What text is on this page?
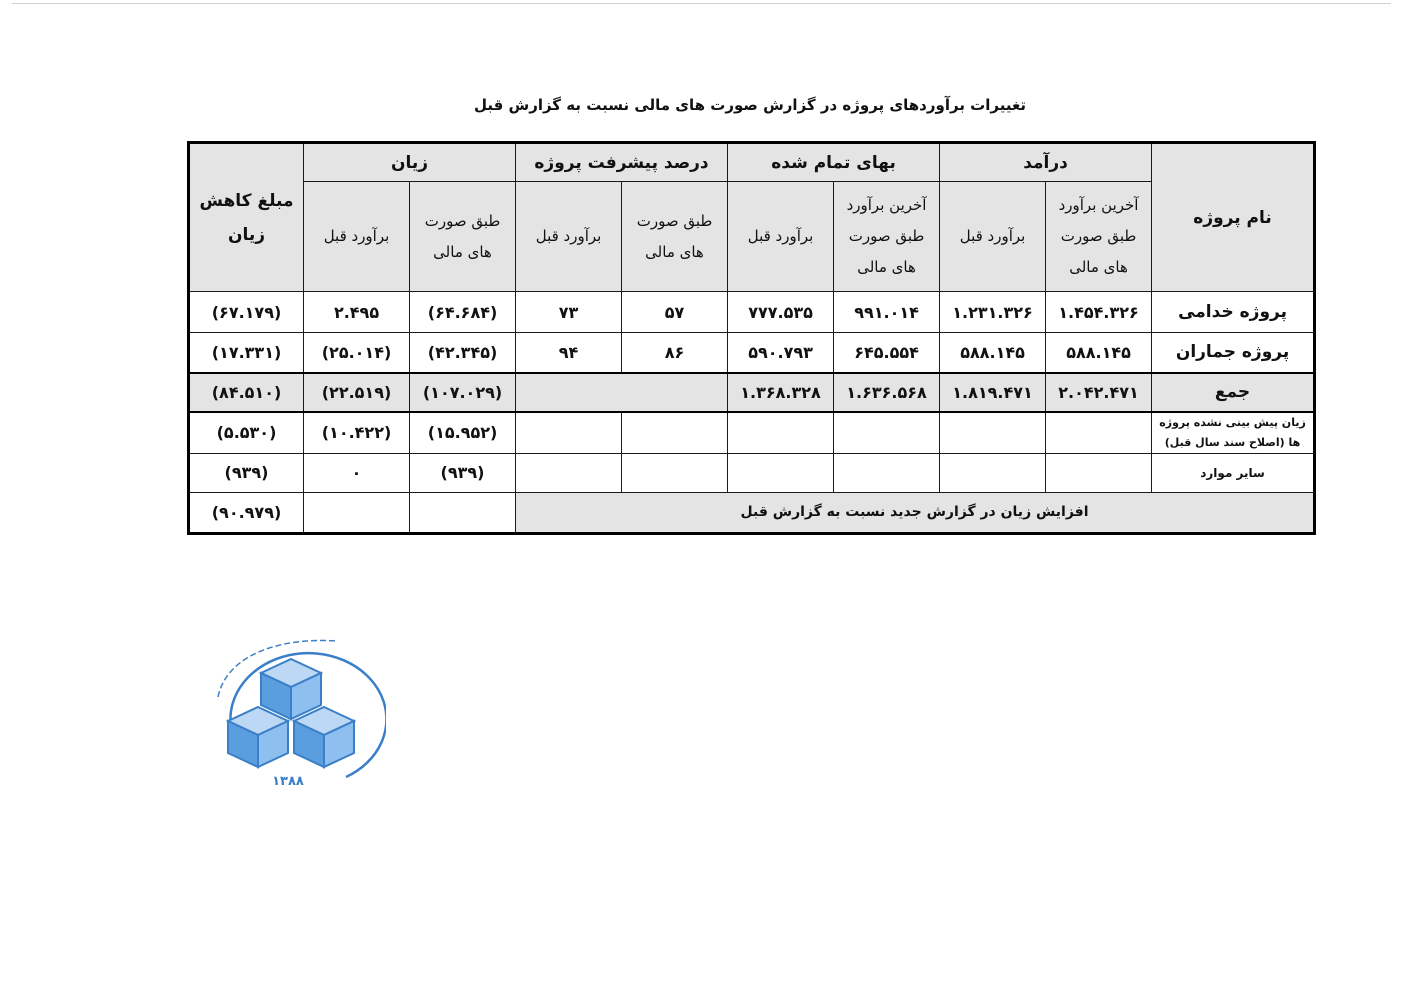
تغییرات برآوردهای پروژه در گزارش صورت های مالی نسبت به گزارش قبل
نام پروژه	درآمد		بهای تمام شده		درصد پیشرفت پروژه		زیان		مبلغ کاهش زیان
	آخرین برآورد طبق صورت های مالی	برآورد قبل	آخرین برآورد طبق صورت های مالی	برآورد قبل	طبق صورت های مالی	برآورد قبل	طبق صورت های مالی	برآورد قبل	
پروژه خدامی	۱.۴۵۴.۳۲۶	۱.۲۳۱.۳۲۶	۹۹۱.۰۱۴	۷۷۷.۵۳۵	۵۷	۷۳	(۶۴.۶۸۴)	۲.۴۹۵	(۶۷.۱۷۹)
پروژه جماران	۵۸۸.۱۴۵	۵۸۸.۱۴۵	۶۴۵.۵۵۴	۵۹۰.۷۹۳	۸۶	۹۴	(۴۲.۳۴۵)	(۲۵.۰۱۴)	(۱۷.۳۳۱)
جمع	۲.۰۴۲.۴۷۱	۱.۸۱۹.۴۷۱	۱.۶۳۶.۵۶۸	۱.۳۶۸.۳۲۸			(۱۰۷.۰۲۹)	(۲۲.۵۱۹)	(۸۴.۵۱۰)
زیان پیش بینی نشده پروژه ها (اصلاح سند سال قبل)							(۱۵.۹۵۲)	(۱۰.۴۲۲)	(۵.۵۳۰)
سایر موارد							(۹۳۹)	۰	(۹۳۹)
افزایش زیان در گزارش جدید نسبت به گزارش قبل									(۹۰.۹۷۹)
۱۳۸۸
